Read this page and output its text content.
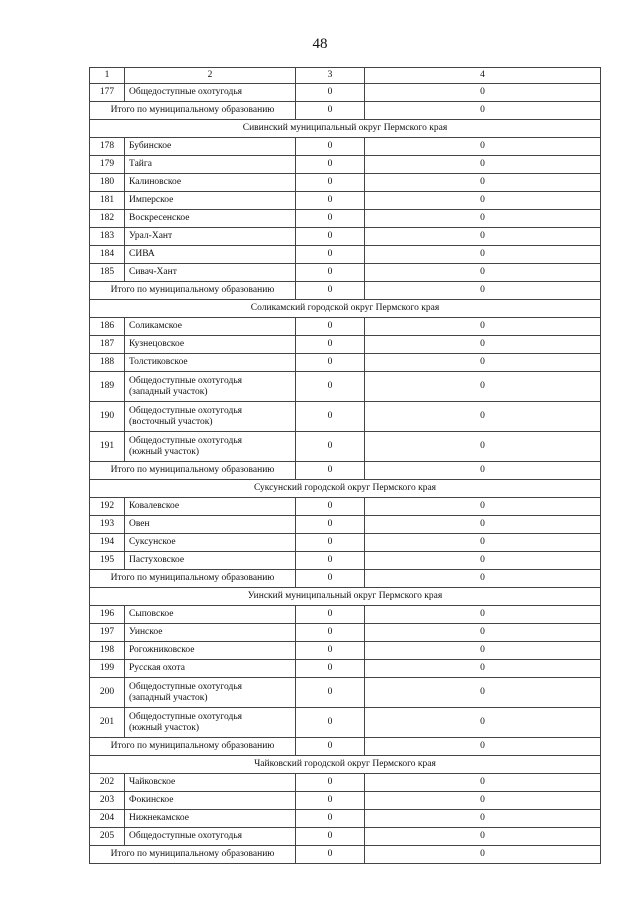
48
1	2	3	4
177	Общедоступные охотугодья	0	0
Итого по муниципальному образованию		0	0
Сивинский муниципальный округ Пермского края			
178	Бубинское	0	0
179	Тайга	0	0
180	Калиновское	0	0
181	Имперское	0	0
182	Воскресенское	0	0
183	Урал-Хант	0	0
184	СИВА	0	0
185	Сивач-Хант	0	0
Итого по муниципальному образованию		0	0
Соликамский городской округ Пермского края			
186	Соликамское	0	0
187	Кузнецовское	0	0
188	Толстиковское	0	0
189	Общедоступные охотугодья
(западный участок)	0	0
190	Общедоступные охотугодья
(восточный участок)	0	0
191	Общедоступные охотугодья
(южный участок)	0	0
Итого по муниципальному образованию		0	0
Суксунский городской округ Пермского края			
192	Ковалевское	0	0
193	Овен	0	0
194	Суксунское	0	0
195	Пастуховское	0	0
Итого по муниципальному образованию		0	0
Уинский муниципальный округ Пермского края			
196	Сыповское	0	0
197	Уинское	0	0
198	Рогожниковское	0	0
199	Русская охота	0	0
200	Общедоступные охотугодья
(западный участок)	0	0
201	Общедоступные охотугодья
(южный участок)	0	0
Итого по муниципальному образованию		0	0
Чайковский городской округ Пермского края			
202	Чайковское	0	0
203	Фокинское	0	0
204	Нижнекамское	0	0
205	Общедоступные охотугодья	0	0
Итого по муниципальному образованию		0	0
